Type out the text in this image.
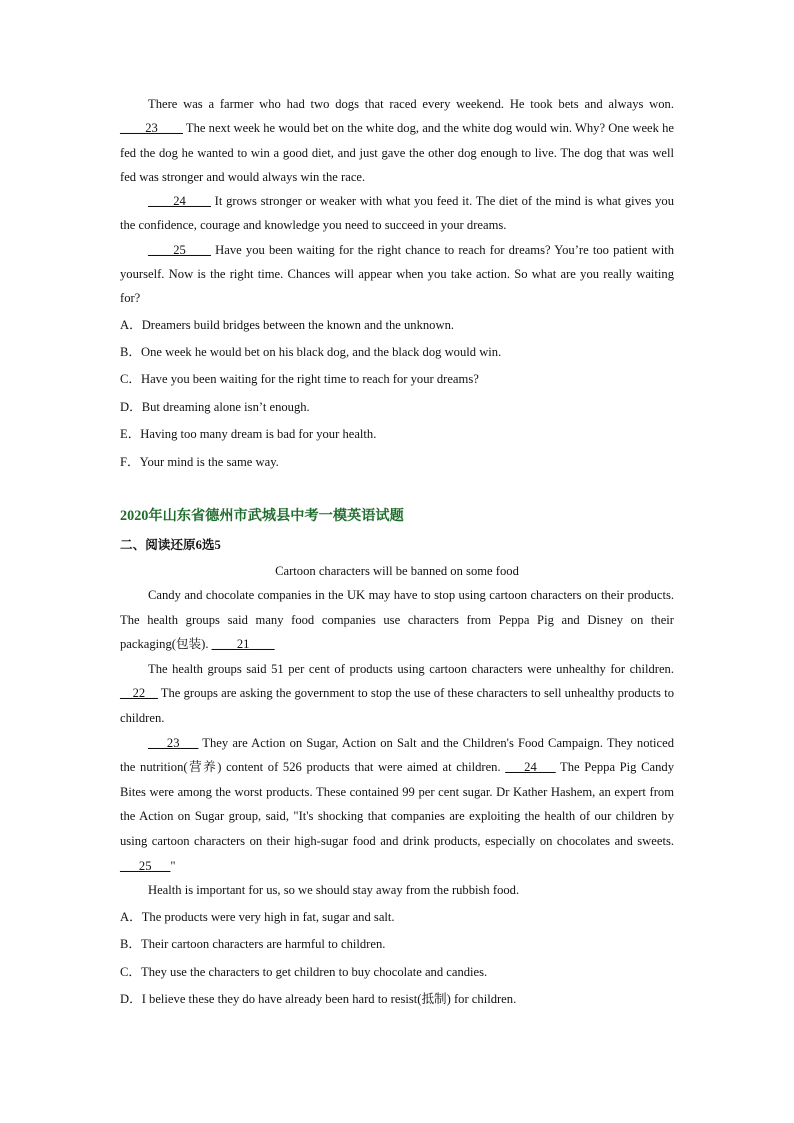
There was a farmer who had two dogs that raced every weekend. He took bets and always won. ____23____ The next week he would bet on the white dog, and the white dog would win. Why? One week he fed the dog he wanted to win a good diet, and just gave the other dog enough to live. The dog that was well fed was stronger and would always win the race.

____24____ It grows stronger or weaker with what you feed it. The diet of the mind is what gives you the confidence, courage and knowledge you need to succeed in your dreams.

____25____ Have you been waiting for the right chance to reach for dreams? You’re too patient with yourself. Now is the right time. Chances will appear when you take action. So what are you really waiting for?

A．Dreamers build bridges between the known and the unknown.

B．One week he would bet on his black dog, and the black dog would win.

C．Have you been waiting for the right time to reach for your dreams?

D．But dreaming alone isn’t enough.

E．Having too many dream is bad for your health.

F．Your mind is the same way.

2020年山东省德州市武城县中考一模英语试题

二、阅读还原6选5

Cartoon characters will be banned on some food

Candy and chocolate companies in the UK may have to stop using cartoon characters on their products. The health groups said many food companies use characters from Peppa Pig and Disney on their packaging(包装). ____21____

The health groups said 51 per cent of products using cartoon characters were unhealthy for children. __22__ The groups are asking the government to stop the use of these characters to sell unhealthy products to children.

___23___ They are Action on Sugar, Action on Salt and the Children's Food Campaign. They noticed the nutrition(营养) content of 526 products that were aimed at children. ___24___ The Peppa Pig Candy Bites were among the worst products. These contained 99 per cent sugar. Dr Kather Hashem, an expert from the Action on Sugar group, said, "It's shocking that companies are exploiting the health of our children by using cartoon characters on their high-sugar food and drink products, especially on chocolates and sweets. ___25___"

Health is important for us, so we should stay away from the rubbish food.

A．The products were very high in fat, sugar and salt.

B．Their cartoon characters are harmful to children.

C．They use the characters to get children to buy chocolate and candies.

D．I believe these they do have already been hard to resist(抵制) for children.
